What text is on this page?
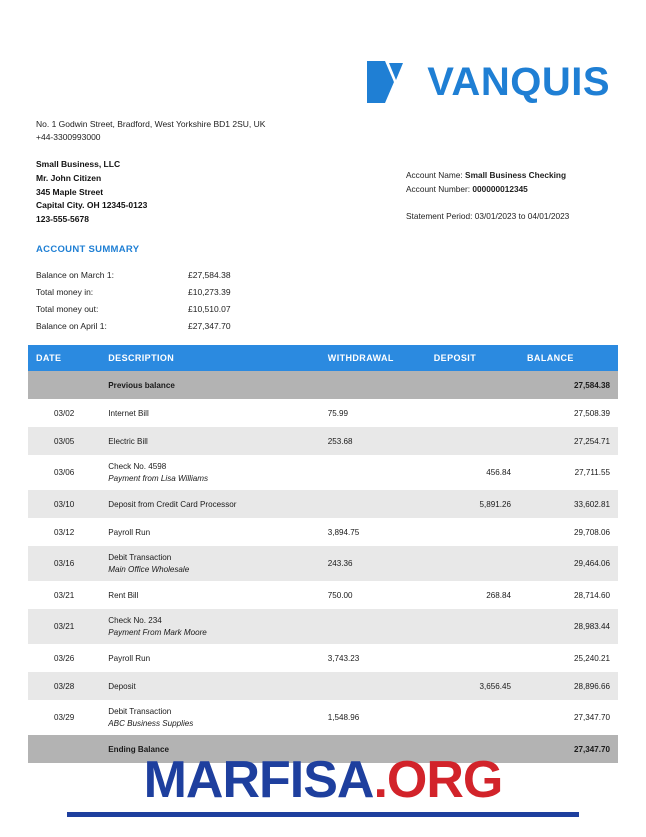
VANQUIS
No. 1 Godwin Street, Bradford, West Yorkshire BD1 2SU, UK
+44-3300993000
Small Business, LLC
Mr. John Citizen
345 Maple Street
Capital City. OH 12345-0123
123-555-5678
Account Name: Small Business Checking
Account Number: 000000012345
Statement Period: 03/01/2023 to 04/01/2023
ACCOUNT SUMMARY
Balance on March 1:	£27,584.38
Total money in:	£10,273.39
Total money out:	£10,510.07
Balance on April 1:	£27,347.70
DATE	DESCRIPTION	WITHDRAWAL	DEPOSIT	BALANCE

	Previous balance			27,584.38
03/02	Internet Bill	75.99		27,508.39
03/05	Electric Bill	253.68		27,254.71
03/06	Check No. 4598
Payment from Lisa Williams		456.84	27,711.55
03/10	Deposit from Credit Card Processor		5,891.26	33,602.81
03/12	Payroll Run	3,894.75		29,708.06
03/16	Debit Transaction
Main Office Wholesale	243.36		29,464.06
03/21	Rent Bill	750.00	268.84	28,714.60
03/21	Check No. 234
Payment From Mark Moore			28,983.44
03/26	Payroll Run	3,743.23		25,240.21
03/28	Deposit		3,656.45	28,896.66
03/29	Debit Transaction
ABC Business Supplies	1,548.96		27,347.70

	Ending Balance			27,347.70
MARFISA.ORG
